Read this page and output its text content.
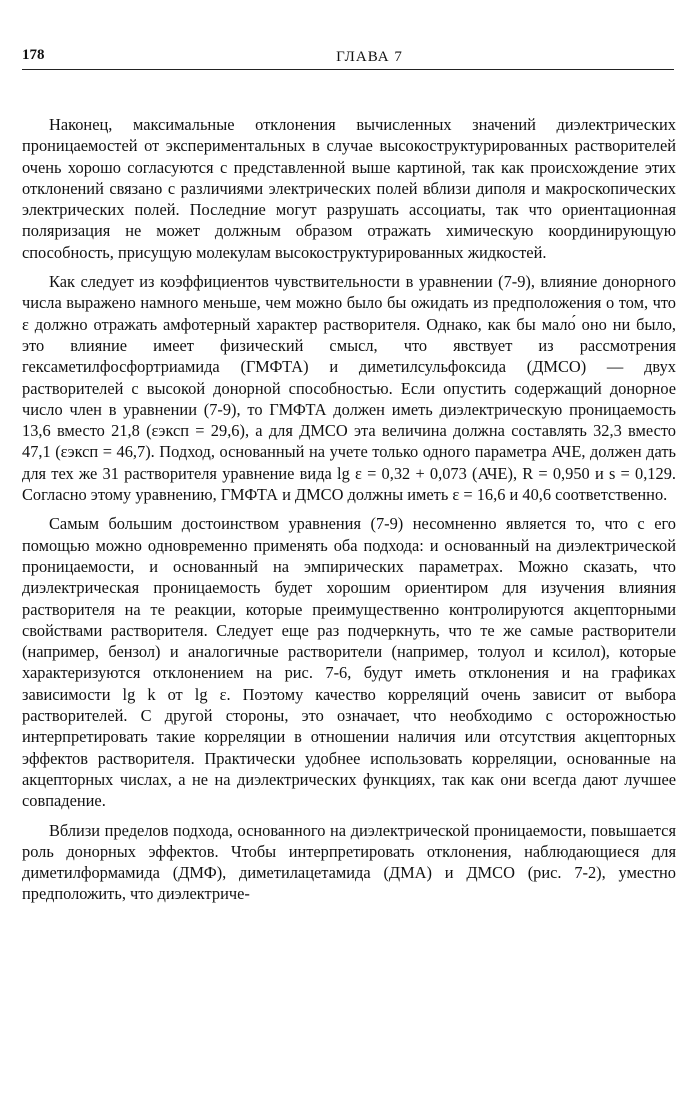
178	ГЛАВА 7

Наконец, максимальные отклонения вычисленных значений диэлектрических проницаемостей от экспериментальных в случае высокоструктурированных растворителей очень хорошо согласуются с представленной выше картиной, так как происхождение этих отклонений связано с различиями электрических полей вблизи диполя и макроскопических электрических полей. Последние могут разрушать ассоциаты, так что ориентационная поляризация не может должным образом отражать химическую координирующую способность, присущую молекулам высокоструктурированных жидкостей.

Как следует из коэффициентов чувствительности в уравнении (7-9), влияние донорного числа выражено намного меньше, чем можно было бы ожидать из предположения о том, что ε должно отражать амфотерный характер растворителя. Однако, как бы мало́ оно ни было, это влияние имеет физический смысл, что явствует из рассмотрения гексаметилфосфортриамида (ГМФТА) и диметилсульфоксида (ДМСО) — двух растворителей с высокой донорной способностью. Если опустить содержащий донорное число член в уравнении (7-9), то ГМФТА должен иметь диэлектрическую проницаемость 13,6 вместо 21,8 (εэксп = 29,6), а для ДМСО эта величина должна составлять 32,3 вместо 47,1 (εэксп = 46,7). Подход, основанный на учете только одного параметра АЧE, должен дать для тех же 31 растворителя уравнение вида lg ε = 0,32 + 0,073 (АЧE), R = 0,950 и s = 0,129. Согласно этому уравнению, ГМФТА и ДМСО должны иметь ε = 16,6 и 40,6 соответственно.

Самым большим достоинством уравнения (7-9) несомненно является то, что с его помощью можно одновременно применять оба подхода: и основанный на диэлектрической проницаемости, и основанный на эмпирических параметрах. Можно сказать, что диэлектрическая проницаемость будет хорошим ориентиром для изучения влияния растворителя на те реакции, которые преимущественно контролируются акцепторными свойствами растворителя. Следует еще раз подчеркнуть, что те же самые растворители (например, бензол) и аналогичные растворители (например, толуол и ксилол), которые характеризуются отклонением на рис. 7-6, будут иметь отклонения и на графиках зависимости lg k от lg ε. Поэтому качество корреляций очень зависит от выбора растворителей. С другой стороны, это означает, что необходимо с осторожностью интерпретировать такие корреляции в отношении наличия или отсутствия акцепторных эффектов растворителя. Практически удобнее использовать корреляции, основанные на акцепторных числах, а не на диэлектрических функциях, так как они всегда дают лучшее совпадение.

Вблизи пределов подхода, основанного на диэлектрической проницаемости, повышается роль донорных эффектов. Чтобы интерпретировать отклонения, наблюдающиеся для диметилформамида (ДМФ), диметилацетамида (ДМА) и ДМСО (рис. 7-2), уместно предположить, что диэлектриче-
